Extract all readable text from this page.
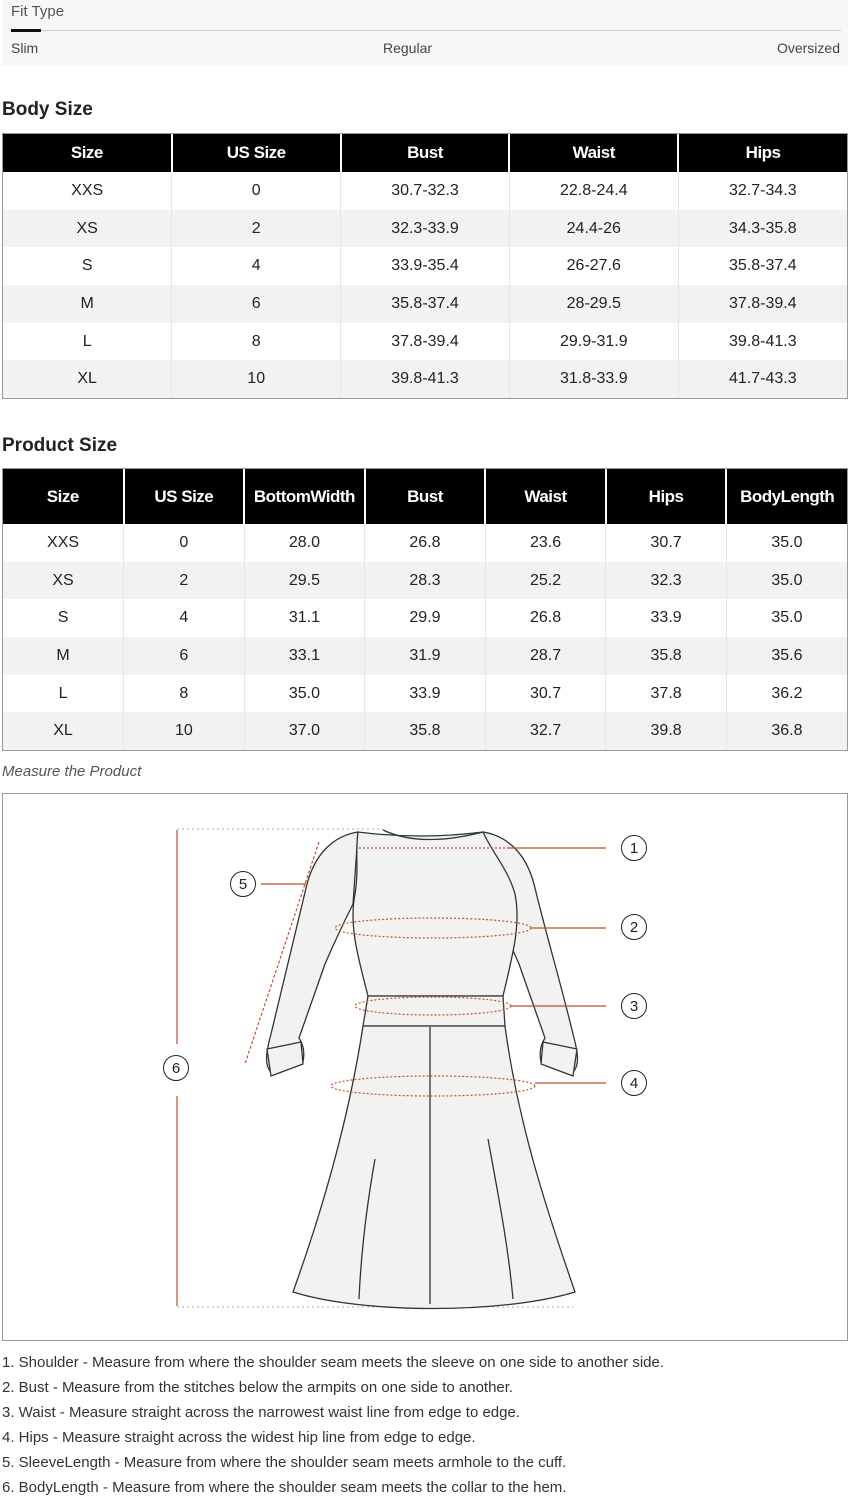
Fit Type
Slim	Regular	Oversized
Body Size
Size	US Size	Bust	Waist	Hips
XXS	0	30.7-32.3	22.8-24.4	32.7-34.3
XS	2	32.3-33.9	24.4-26	34.3-35.8
S	4	33.9-35.4	26-27.6	35.8-37.4
M	6	35.8-37.4	28-29.5	37.8-39.4
L	8	37.8-39.4	29.9-31.9	39.8-41.3
XL	10	39.8-41.3	31.8-33.9	41.7-43.3
Product Size
Size	US Size	BottomWidth	Bust	Waist	Hips	BodyLength
XXS	0	28.0	26.8	23.6	30.7	35.0
XS	2	29.5	28.3	25.2	32.3	35.0
S	4	31.1	29.9	26.8	33.9	35.0
M	6	33.1	31.9	28.7	35.8	35.6
L	8	35.0	33.9	30.7	37.8	36.2
XL	10	37.0	35.8	32.7	39.8	36.8
Measure the Product
1
2
3
4
5
6
1. Shoulder - Measure from where the shoulder seam meets the sleeve on one side to another side.
2. Bust - Measure from the stitches below the armpits on one side to another.
3. Waist - Measure straight across the narrowest waist line from edge to edge.
4. Hips - Measure straight across the widest hip line from edge to edge.
5. SleeveLength - Measure from where the shoulder seam meets armhole to the cuff.
6. BodyLength - Measure from where the shoulder seam meets the collar to the hem.
